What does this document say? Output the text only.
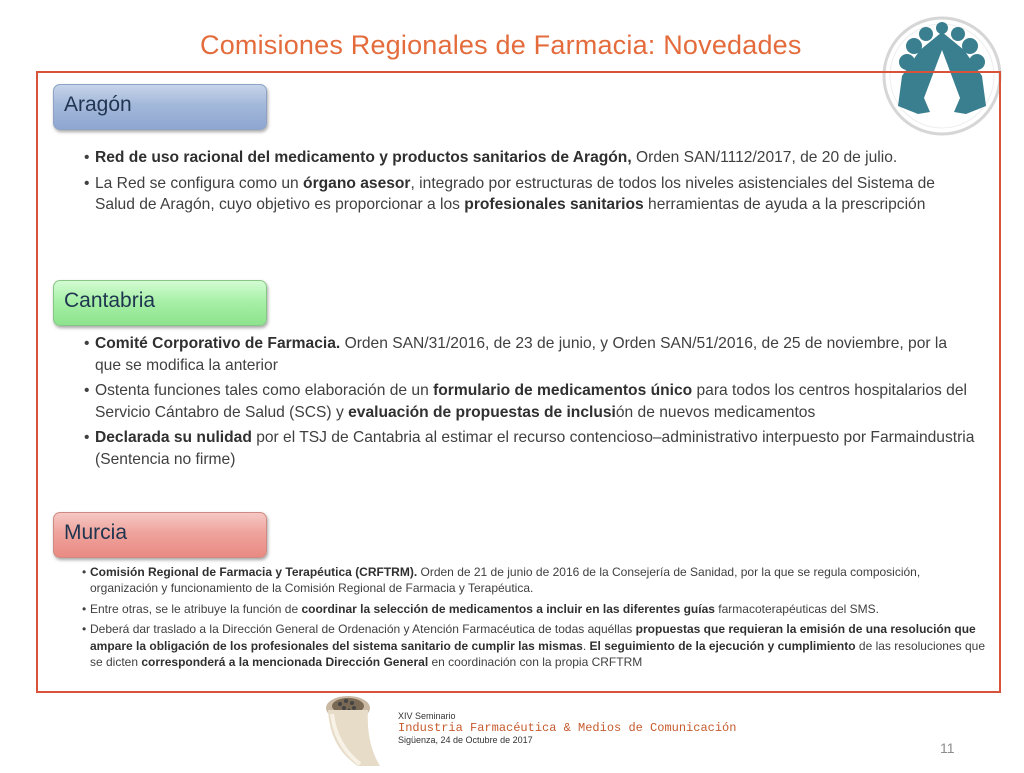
Comisiones Regionales de Farmacia: Novedades
Aragón

• Red de uso racional del medicamento y productos sanitarios de Aragón, Orden SAN/1112/2017, de 20 de julio.

• La Red se configura como un órgano asesor, integrado por estructuras de todos los niveles asistenciales del Sistema de Salud de Aragón, cuyo objetivo es proporcionar a los profesionales sanitarios herramientas de ayuda a la prescripción

Cantabria

• Comité Corporativo de Farmacia. Orden SAN/31/2016, de 23 de junio, y Orden SAN/51/2016, de 25 de noviembre, por la que se modifica la anterior

• Ostenta funciones tales como elaboración de un formulario de medicamentos único para todos los centros hospitalarios del Servicio Cántabro de Salud (SCS) y evaluación de propuestas de inclusión de nuevos medicamentos

• Declarada su nulidad por el TSJ de Cantabria al estimar el recurso contencioso–administrativo interpuesto por Farmaindustria (Sentencia no firme)

Murcia

• Comisión Regional de Farmacia y Terapéutica (CRFTRM). Orden de 21 de junio de 2016 de la Consejería de Sanidad, por la que se regula composición, organización y funcionamiento de la Comisión Regional de Farmacia y Terapéutica.

• Entre otras, se le atribuye la función de coordinar la selección de medicamentos a incluir en las diferentes guías farmacoterapéuticas del SMS.

• Deberá dar traslado a la Dirección General de Ordenación y Atención Farmacéutica de todas aquéllas propuestas que requieran la emisión de una resolución que ampare la obligación de los profesionales del sistema sanitario de cumplir las mismas. El seguimiento de la ejecución y cumplimiento de las resoluciones que se dicten corresponderá a la mencionada Dirección General en coordinación con la propia CRFTRM

XIV Seminario
Industria Farmacéutica & Medios de Comunicación
Sigüenza, 24 de Octubre de 2017	11
